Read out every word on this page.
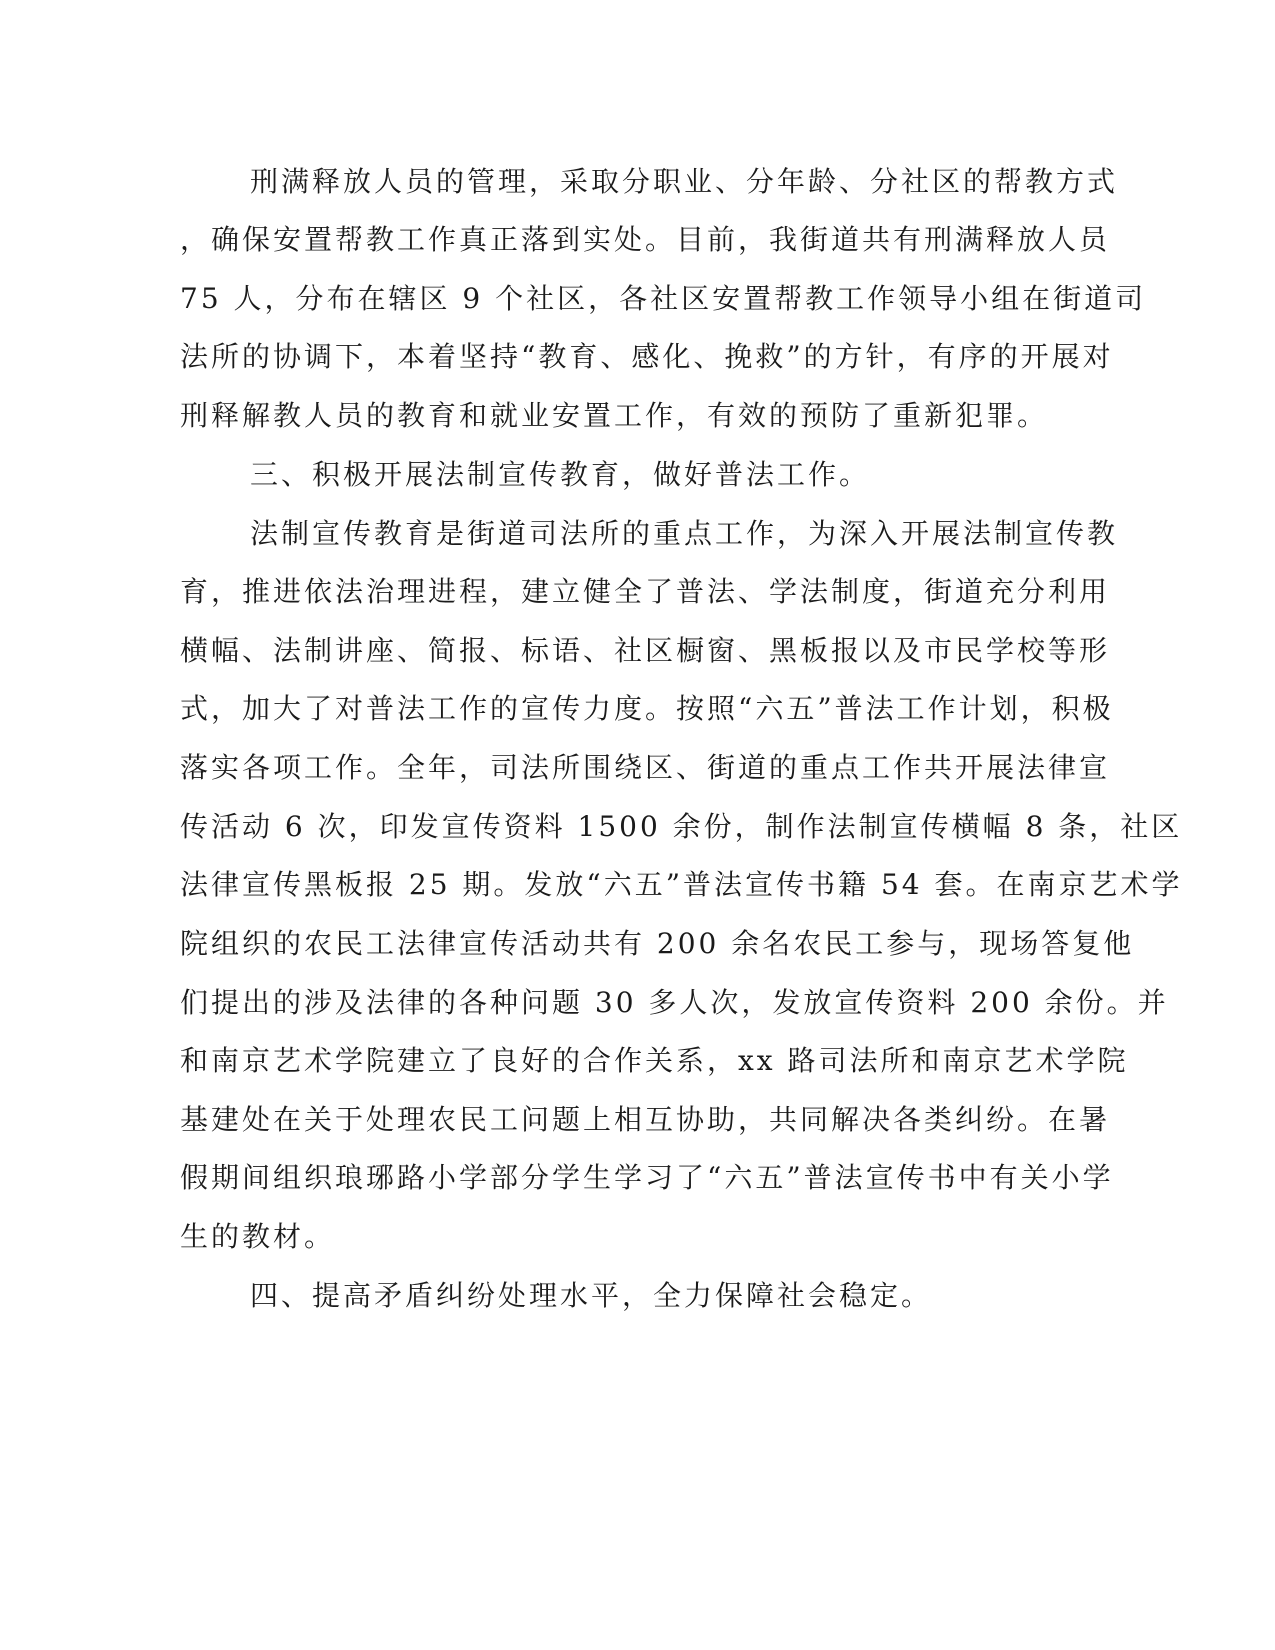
刑满释放人员的管理，采取分职业、分年龄、分社区的帮教方式
，确保安置帮教工作真正落到实处。目前，我街道共有刑满释放人员
75 人，分布在辖区 9 个社区，各社区安置帮教工作领导小组在街道司
法所的协调下，本着坚持“教育、感化、挽救”的方针，有序的开展对
刑释解教人员的教育和就业安置工作，有效的预防了重新犯罪。
三、积极开展法制宣传教育，做好普法工作。
法制宣传教育是街道司法所的重点工作，为深入开展法制宣传教
育，推进依法治理进程，建立健全了普法、学法制度，街道充分利用
横幅、法制讲座、简报、标语、社区橱窗、黑板报以及市民学校等形
式，加大了对普法工作的宣传力度。按照“六五”普法工作计划，积极
落实各项工作。全年，司法所围绕区、街道的重点工作共开展法律宣
传活动 6 次，印发宣传资料 1500 余份，制作法制宣传横幅 8 条，社区
法律宣传黑板报 25 期。发放“六五”普法宣传书籍 54 套。在南京艺术学
院组织的农民工法律宣传活动共有 200 余名农民工参与，现场答复他
们提出的涉及法律的各种问题 30 多人次，发放宣传资料 200 余份。并
和南京艺术学院建立了良好的合作关系，xx 路司法所和南京艺术学院
基建处在关于处理农民工问题上相互协助，共同解决各类纠纷。在暑
假期间组织琅琊路小学部分学生学习了“六五”普法宣传书中有关小学
生的教材。
四、提高矛盾纠纷处理水平，全力保障社会稳定。
